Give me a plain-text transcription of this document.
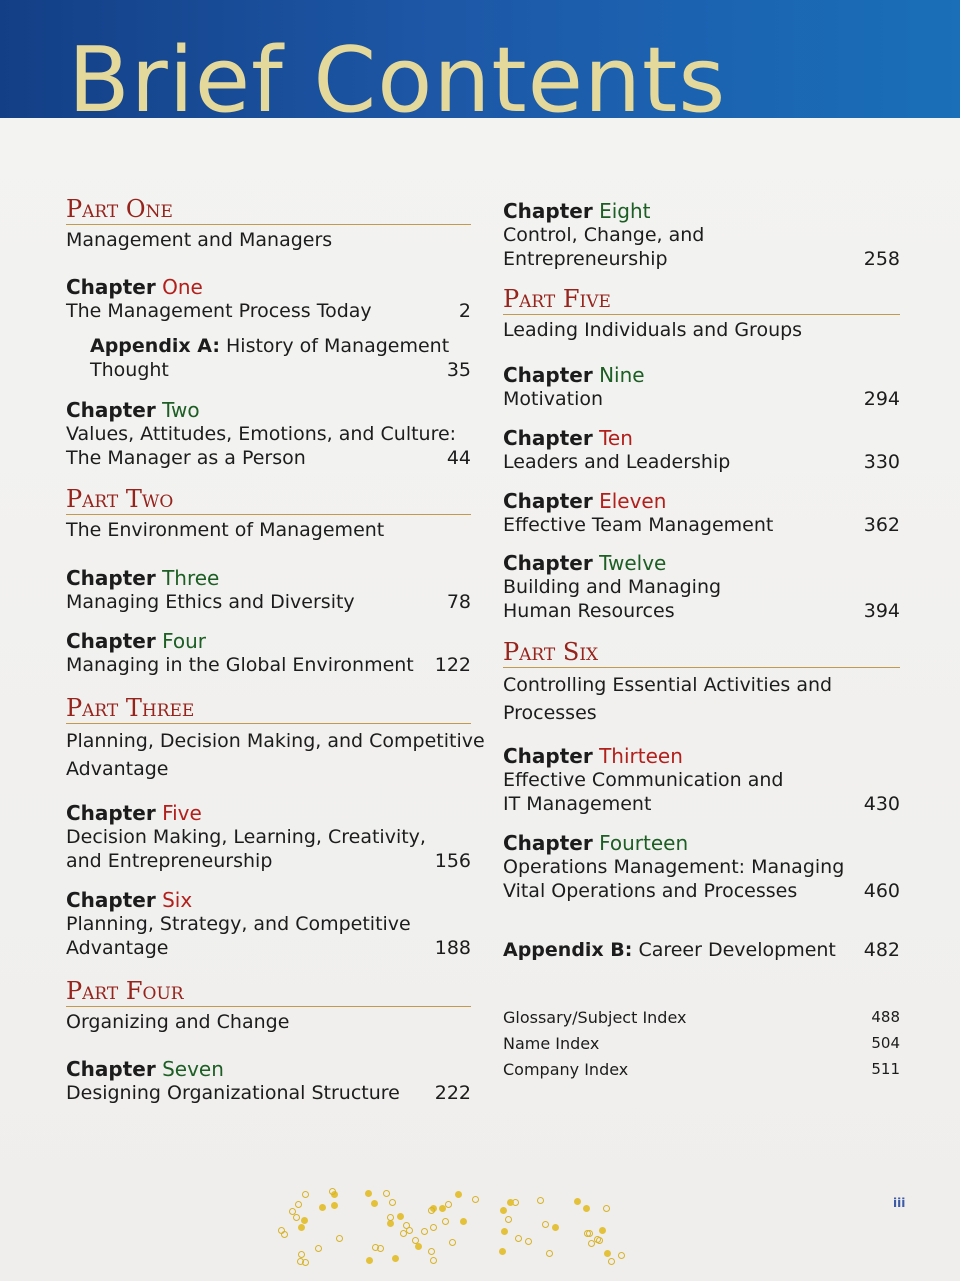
Brief Contents
Part One
Management and Managers
Chapter One
The Management Process Today	2
Appendix A: History of Management
Thought	35
Chapter Two
Values, Attitudes, Emotions, and Culture:
The Manager as a Person	44
Part Two
The Environment of Management
Chapter Three
Managing Ethics and Diversity	78
Chapter Four
Managing in the Global Environment	122
Part Three
Planning, Decision Making, and Competitive
Advantage
Chapter Five
Decision Making, Learning, Creativity,
and Entrepreneurship	156
Chapter Six
Planning, Strategy, and Competitive
Advantage	188
Part Four
Organizing and Change
Chapter Seven
Designing Organizational Structure	222
Chapter Eight
Control, Change, and
Entrepreneurship	258
Part Five
Leading Individuals and Groups
Chapter Nine
Motivation	294
Chapter Ten
Leaders and Leadership	330
Chapter Eleven
Effective Team Management	362
Chapter Twelve
Building and Managing
Human Resources	394
Part Six
Controlling Essential Activities and
Processes
Chapter Thirteen
Effective Communication and
IT Management	430
Chapter Fourteen
Operations Management: Managing
Vital Operations and Processes	460
Appendix B: Career Development	482
Glossary/Subject Index	488
Name Index	504
Company Index	511
iii
